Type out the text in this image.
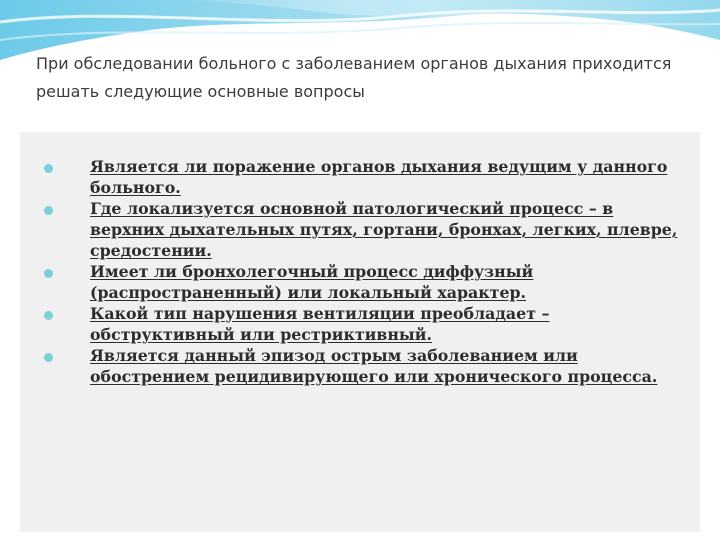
При обследовании больного с заболеванием органов дыхания приходится решать следующие основные вопросы
Является ли поражение органов дыхания ведущим у данного больного.
Где локализуется основной патологический процесс – в верхних дыхательных путях, гортани, бронхах, легких, плевре, средостении.
Имеет ли бронхолегочный процесс диффузный (распространенный) или локальный характер.
Какой тип нарушения вентиляции преобладает – обструктивный или рестриктивный.
Является данный эпизод острым заболеванием или обострением рецидивирующего или хронического процесса.
